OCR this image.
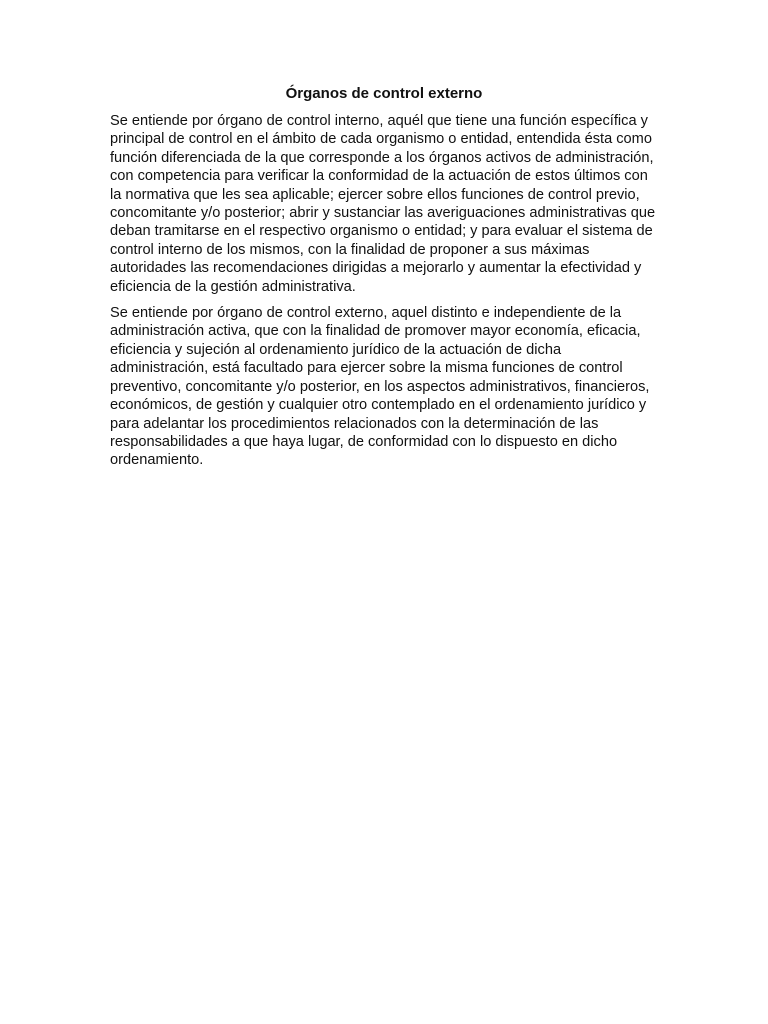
Órganos de control externo

Se entiende por órgano de control interno, aquél que tiene una función específica y principal de control en el ámbito de cada organismo o entidad, entendida ésta como función diferenciada de la que corresponde a los órganos activos de administración, con competencia para verificar la conformidad de la actuación de estos últimos con la normativa que les sea aplicable; ejercer sobre ellos funciones de control previo, concomitante y/o posterior; abrir y sustanciar las averiguaciones administrativas que deban tramitarse en el respectivo organismo o entidad; y para evaluar el sistema de control interno de los mismos, con la finalidad de proponer a sus máximas autoridades las recomendaciones dirigidas a mejorarlo y aumentar la efectividad y eficiencia de la gestión administrativa.

Se entiende por órgano de control externo, aquel distinto e independiente de la administración activa, que con la finalidad de promover mayor economía, eficacia, eficiencia y sujeción al ordenamiento jurídico de la actuación de dicha administración, está facultado para ejercer sobre la misma funciones de control preventivo, concomitante y/o posterior, en los aspectos administrativos, financieros, económicos, de gestión y cualquier otro contemplado en el ordenamiento jurídico y para adelantar los procedimientos relacionados con la determinación de las responsabilidades a que haya lugar, de conformidad con lo dispuesto en dicho ordenamiento.
